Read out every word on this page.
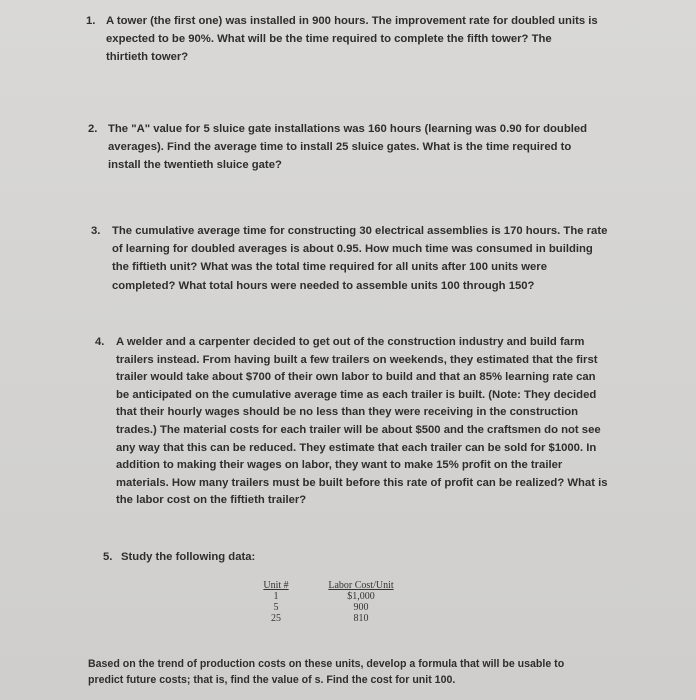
1. A tower (the first one) was installed in 900 hours. The improvement rate for doubled units is
expected to be 90%. What will be the time required to complete the fifth tower? The
thirtieth tower?
2. The "A" value for 5 sluice gate installations was 160 hours (learning was 0.90 for doubled
averages). Find the average time to install 25 sluice gates. What is the time required to
install the twentieth sluice gate?
3. The cumulative average time for constructing 30 electrical assemblies is 170 hours. The rate
of learning for doubled averages is about 0.95. How much time was consumed in building
the fiftieth unit? What was the total time required for all units after 100 units were
completed? What total hours were needed to assemble units 100 through 150?
4. A welder and a carpenter decided to get out of the construction industry and build farm
trailers instead. From having built a few trailers on weekends, they estimated that the first
trailer would take about $700 of their own labor to build and that an 85% learning rate can
be anticipated on the cumulative average time as each trailer is built. (Note: They decided
that their hourly wages should be no less than they were receiving in the construction
trades.) The material costs for each trailer will be about $500 and the craftsmen do not see
any way that this can be reduced. They estimate that each trailer can be sold for $1000. In
addition to making their wages on labor, they want to make 15% profit on the trailer
materials. How many trailers must be built before this rate of profit can be realized? What is
the labor cost on the fiftieth trailer?
5. Study the following data:
Unit #
1
5
25
Labor Cost/Unit
$1,000
900
810
Based on the trend of production costs on these units, develop a formula that will be usable to
predict future costs; that is, find the value of s. Find the cost for unit 100.
